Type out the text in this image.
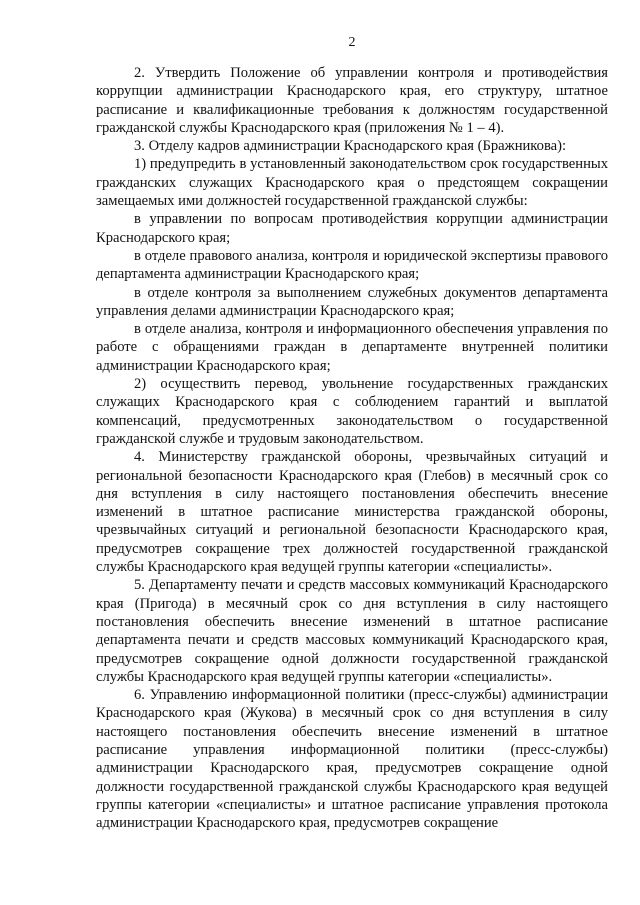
2

2. Утвердить Положение об управлении контроля и противодействия коррупции администрации Краснодарского края, его структуру, штатное расписание и квалификационные требования к должностям государственной гражданской службы Краснодарского края (приложения № 1 – 4).

3. Отделу кадров администрации Краснодарского края (Бражникова):

1) предупредить в установленный законодательством срок государственных гражданских служащих Краснодарского края о предстоящем сокращении замещаемых ими должностей государственной гражданской службы:

в управлении по вопросам противодействия коррупции администрации Краснодарского края;

в отделе правового анализа, контроля и юридической экспертизы правового департамента администрации Краснодарского края;

в отделе контроля за выполнением служебных документов департамента управления делами администрации Краснодарского края;

в отделе анализа, контроля и информационного обеспечения управления по работе с обращениями граждан в департаменте внутренней политики администрации Краснодарского края;

2) осуществить перевод, увольнение государственных гражданских служащих Краснодарского края с соблюдением гарантий и выплатой компенсаций, предусмотренных законодательством о государственной гражданской службе и трудовым законодательством.

4. Министерству гражданской обороны, чрезвычайных ситуаций и региональной безопасности Краснодарского края (Глебов) в месячный срок со дня вступления в силу настоящего постановления обеспечить внесение изменений в штатное расписание министерства гражданской обороны, чрезвычайных ситуаций и региональной безопасности Краснодарского края, предусмотрев сокращение трех должностей государственной гражданской службы Краснодарского края ведущей группы категории «специалисты».

5. Департаменту печати и средств массовых коммуникаций Краснодарского края (Пригода) в месячный срок со дня вступления в силу настоящего постановления обеспечить внесение изменений в штатное расписание департамента печати и средств массовых коммуникаций Краснодарского края, предусмотрев сокращение одной должности государственной гражданской службы Краснодарского края ведущей группы категории «специалисты».

6. Управлению информационной политики (пресс-службы) администрации Краснодарского края (Жукова) в месячный срок со дня вступления в силу настоящего постановления обеспечить внесение изменений в штатное расписание управления информационной политики (пресс-службы) администрации Краснодарского края, предусмотрев сокращение одной должности государственной гражданской службы Краснодарского края ведущей группы категории «специалисты» и штатное расписание управления протокола администрации Краснодарского края, предусмотрев сокращение
